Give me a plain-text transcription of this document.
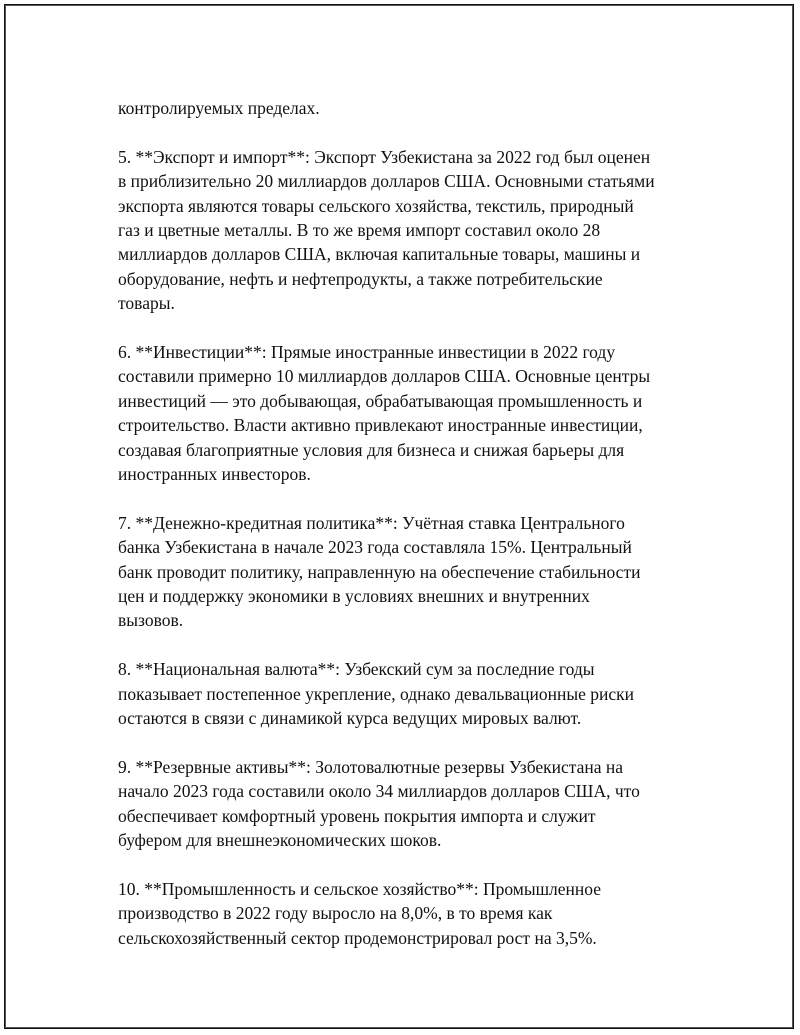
контролируемых пределах.

5. **Экспорт и импорт**: Экспорт Узбекистана за 2022 год был оценен
в приблизительно 20 миллиардов долларов США. Основными статьями
экспорта являются товары сельского хозяйства, текстиль, природный
газ и цветные металлы. В то же время импорт составил около 28
миллиардов долларов США, включая капитальные товары, машины и
оборудование, нефть и нефтепродукты, а также потребительские
товары.

6. **Инвестиции**: Прямые иностранные инвестиции в 2022 году
составили примерно 10 миллиардов долларов США. Основные центры
инвестиций — это добывающая, обрабатывающая промышленность и
строительство. Власти активно привлекают иностранные инвестиции,
создавая благоприятные условия для бизнеса и снижая барьеры для
иностранных инвесторов.

7. **Денежно-кредитная политика**: Учётная ставка Центрального
банка Узбекистана в начале 2023 года составляла 15%. Центральный
банк проводит политику, направленную на обеспечение стабильности
цен и поддержку экономики в условиях внешних и внутренних
вызовов.

8. **Национальная валюта**: Узбекский сум за последние годы
показывает постепенное укрепление, однако девальвационные риски
остаются в связи с динамикой курса ведущих мировых валют.

9. **Резервные активы**: Золотовалютные резервы Узбекистана на
начало 2023 года составили около 34 миллиардов долларов США, что
обеспечивает комфортный уровень покрытия импорта и служит
буфером для внешнеэкономических шоков.

10. **Промышленность и сельское хозяйство**: Промышленное
производство в 2022 году выросло на 8,0%, в то время как
сельскохозяйственный сектор продемонстрировал рост на 3,5%.
